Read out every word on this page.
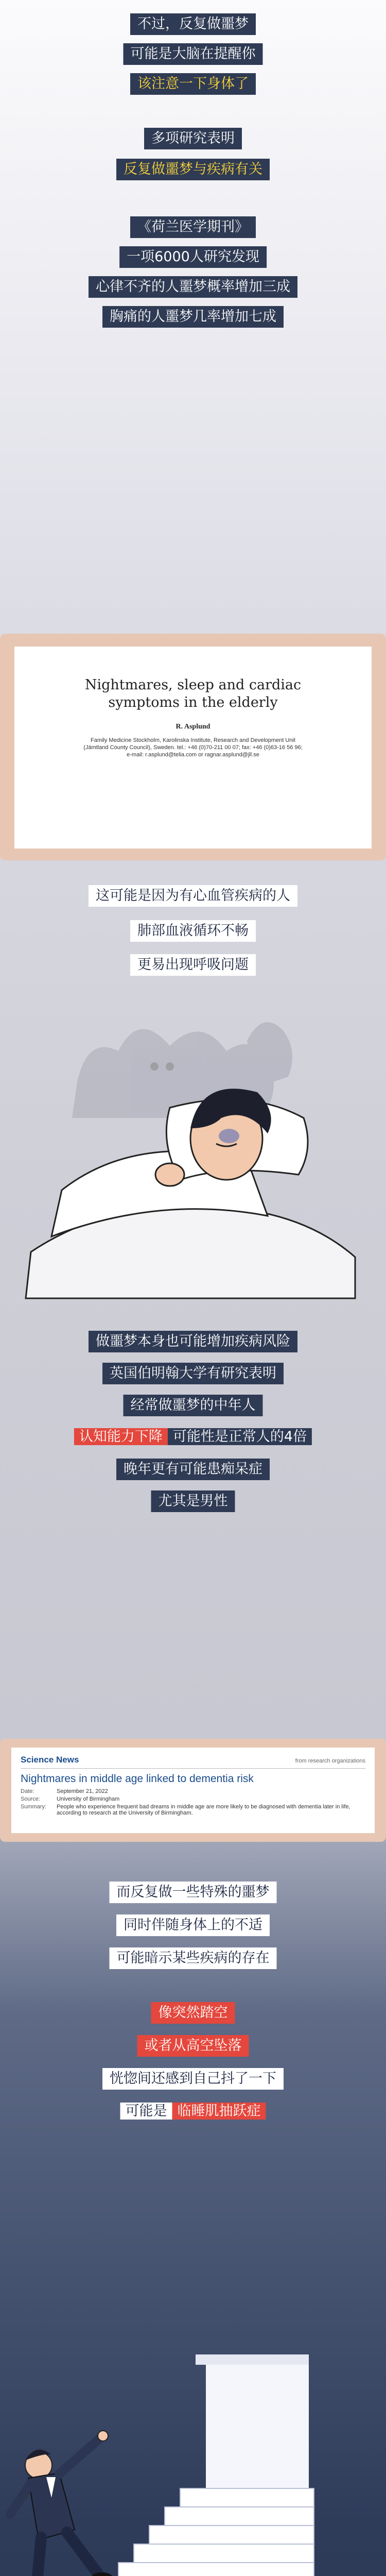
不过，反复做噩梦
可能是大脑在提醒你
该注意一下身体了
多项研究表明
反复做噩梦与疾病有关
《荷兰医学期刊》
一项6000人研究发现
心律不齐的人噩梦概率增加三成
胸痛的人噩梦几率增加七成
Nightmares, sleep and cardiac symptoms in the elderly
R. Asplund
Family Medicine Stockholm, Karolinska Institute, Research and Development Unit
(Jämtland County Council), Sweden. tel.: +46 (0)70-211 00 07; fax: +46 (0)63-16 56 96;
e-mail: r.asplund@telia.com or ragnar.asplund@jll.se
这可能是因为有心血管疾病的人
肺部血液循环不畅
更易出现呼吸问题
做噩梦本身也可能增加疾病风险
英国伯明翰大学有研究表明
经常做噩梦的中年人
认知能力下降 可能性是正常人的4倍
晚年更有可能患痴呆症
尤其是男性
Science News	from research organizations
Nightmares in middle age linked to dementia risk
Date:	September 21, 2022
Source:	University of Birmingham
Summary:	People who experience frequent bad dreams in middle age are more likely to be diagnosed with dementia later in life, according to research at the University of Birmingham.
而反复做一些特殊的噩梦
同时伴随身体上的不适
可能暗示某些疾病的存在
像突然踏空
或者从高空坠落
恍惚间还感到自己抖了一下
可能是 临睡肌抽跃症
